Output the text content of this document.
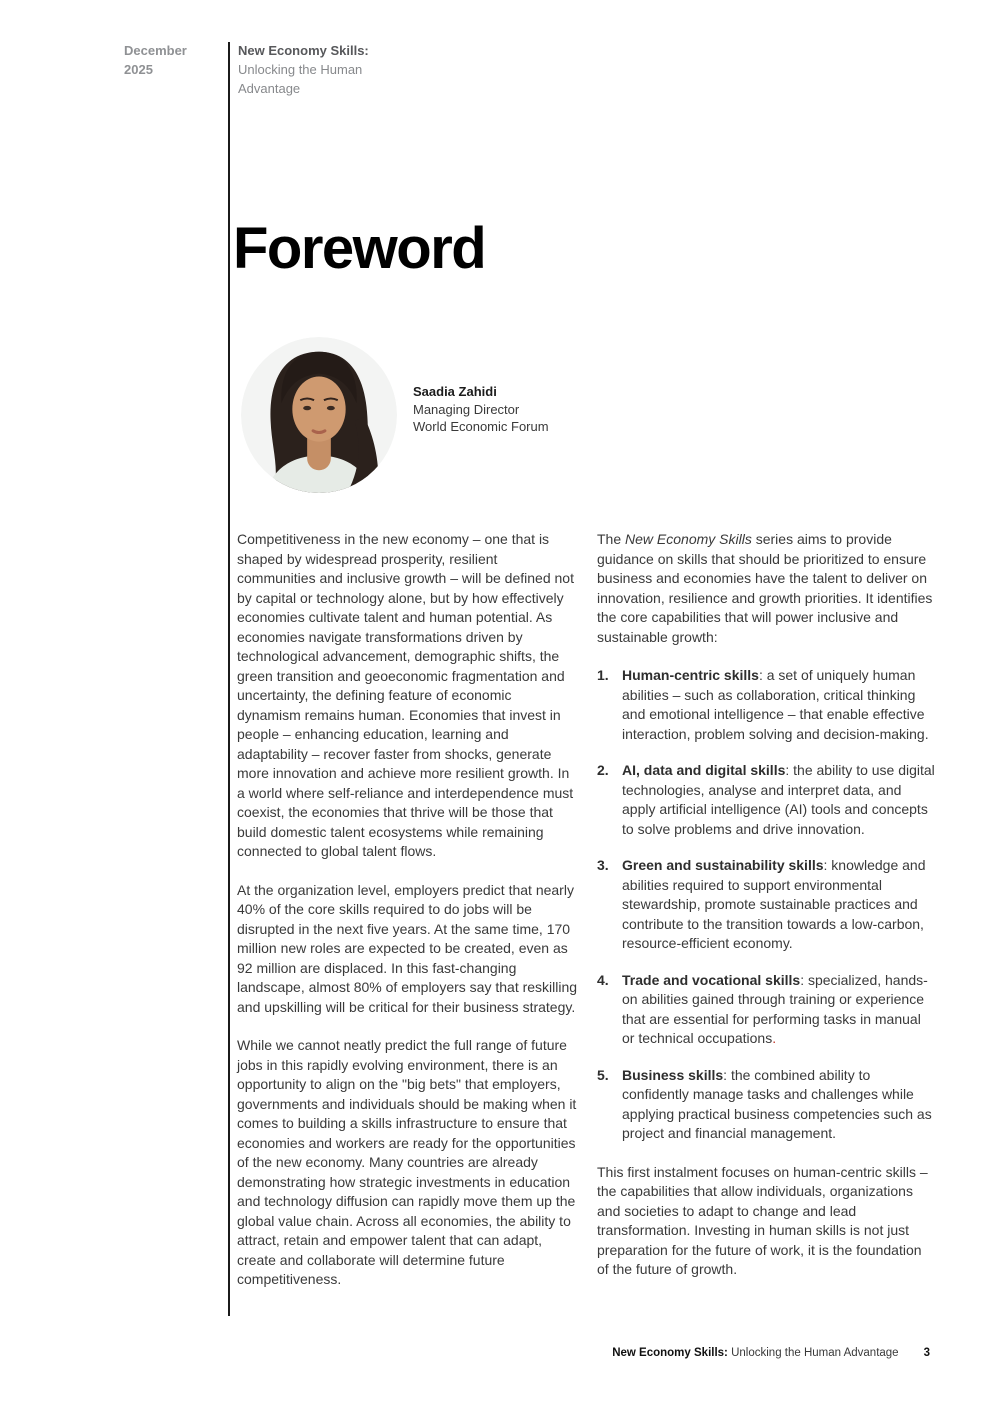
December 2025
New Economy Skills:
Unlocking the Human
Advantage
Foreword
Saadia Zahidi
Managing Director
World Economic Forum

Competitiveness in the new economy – one that is shaped by widespread prosperity, resilient communities and inclusive growth – will be defined not by capital or technology alone, but by how effectively economies cultivate talent and human potential. As economies navigate transformations driven by technological advancement, demographic shifts, the green transition and geoeconomic fragmentation and uncertainty, the defining feature of economic dynamism remains human. Economies that invest in people – enhancing education, learning and adaptability – recover faster from shocks, generate more innovation and achieve more resilient growth. In a world where self-reliance and interdependence must coexist, the economies that thrive will be those that build domestic talent ecosystems while remaining connected to global talent flows.

At the organization level, employers predict that nearly 40% of the core skills required to do jobs will be disrupted in the next five years. At the same time, 170 million new roles are expected to be created, even as 92 million are displaced. In this fast-changing landscape, almost 80% of employers say that reskilling and upskilling will be critical for their business strategy.

While we cannot neatly predict the full range of future jobs in this rapidly evolving environment, there is an opportunity to align on the "big bets" that employers, governments and individuals should be making when it comes to building a skills infrastructure to ensure that economies and workers are ready for the opportunities of the new economy. Many countries are already demonstrating how strategic investments in education and technology diffusion can rapidly move them up the global value chain. Across all economies, the ability to attract, retain and empower talent that can adapt, create and collaborate will determine future competitiveness.

The New Economy Skills series aims to provide guidance on skills that should be prioritized to ensure business and economies have the talent to deliver on innovation, resilience and growth priorities. It identifies the core capabilities that will power inclusive and sustainable growth:

1. Human-centric skills: a set of uniquely human abilities – such as collaboration, critical thinking and emotional intelligence – that enable effective interaction, problem solving and decision-making.
2. AI, data and digital skills: the ability to use digital technologies, analyse and interpret data, and apply artificial intelligence (AI) tools and concepts to solve problems and drive innovation.
3. Green and sustainability skills: knowledge and abilities required to support environmental stewardship, promote sustainable practices and contribute to the transition towards a low-carbon, resource-efficient economy.
4. Trade and vocational skills: specialized, hands-on abilities gained through training or experience that are essential for performing tasks in manual or technical occupations.
5. Business skills: the combined ability to confidently manage tasks and challenges while applying practical business competencies such as project and financial management.

This first instalment focuses on human-centric skills – the capabilities that allow individuals, organizations and societies to adapt to change and lead transformation. Investing in human skills is not just preparation for the future of work, it is the foundation of the future of growth.

New Economy Skills: Unlocking the Human Advantage 3
